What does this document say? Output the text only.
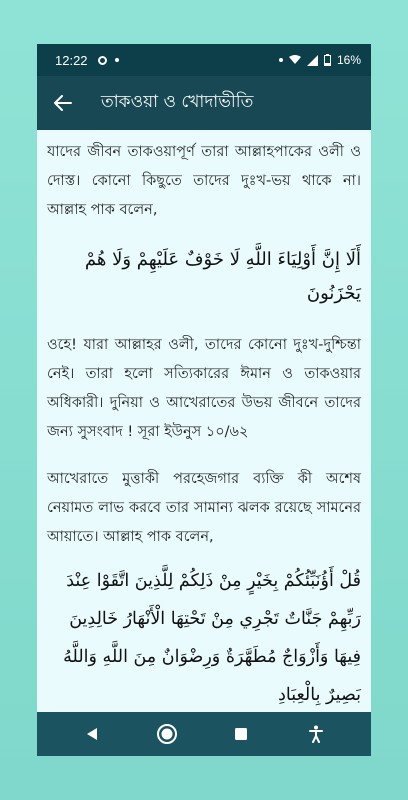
12:22	16%
তাকওয়া ও খোদাভীতি

যাদের জীবন তাকওয়াপূর্ণ তারা আল্লাহপাকের ওলী ও দোস্ত। কোনো কিছুতে তাদের দুঃখ-ভয় থাকে না। আল্লাহ পাক বলেন,

أَلَا إِنَّ أَوْلِيَاءَ اللَّهِ لَا خَوْفٌ عَلَيْهِمْ وَلَا هُمْ يَحْزَنُونَ

ওহে! যারা আল্লাহর ওলী, তাদের কোনো দুঃখ-দুশ্চিন্তা নেই। তারা হলো সত্যিকারের ঈমান ও তাকওয়ার অধিকারী। দুনিয়া ও আখেরাতের উভয় জীবনে তাদের জন্য সুসংবাদ ! সূরা ইউনুস ১০/৬২

আখেরাতে মুত্তাকী পরহেজগার ব্যক্তি কী অশেষ নেয়ামত লাভ করবে তার সামান্য ঝলক রয়েছে সামনের আয়াতে। আল্লাহ পাক বলেন,

قُلْ أَؤُنَبِّئُكُمْ بِخَيْرٍ مِنْ ذَلِكُمْ لِلَّذِينَ اتَّقَوْا عِنْدَ رَبِّهِمْ جَنَّاتٌ تَجْرِي مِنْ تَحْتِهَا الْأَنْهَارُ خَالِدِينَ فِيهَا وَأَزْوَاجٌ مُطَهَّرَةٌ وَرِضْوَانٌ مِنَ اللَّهِ وَاللَّهُ بَصِيرٌ بِالْعِبَادِ
